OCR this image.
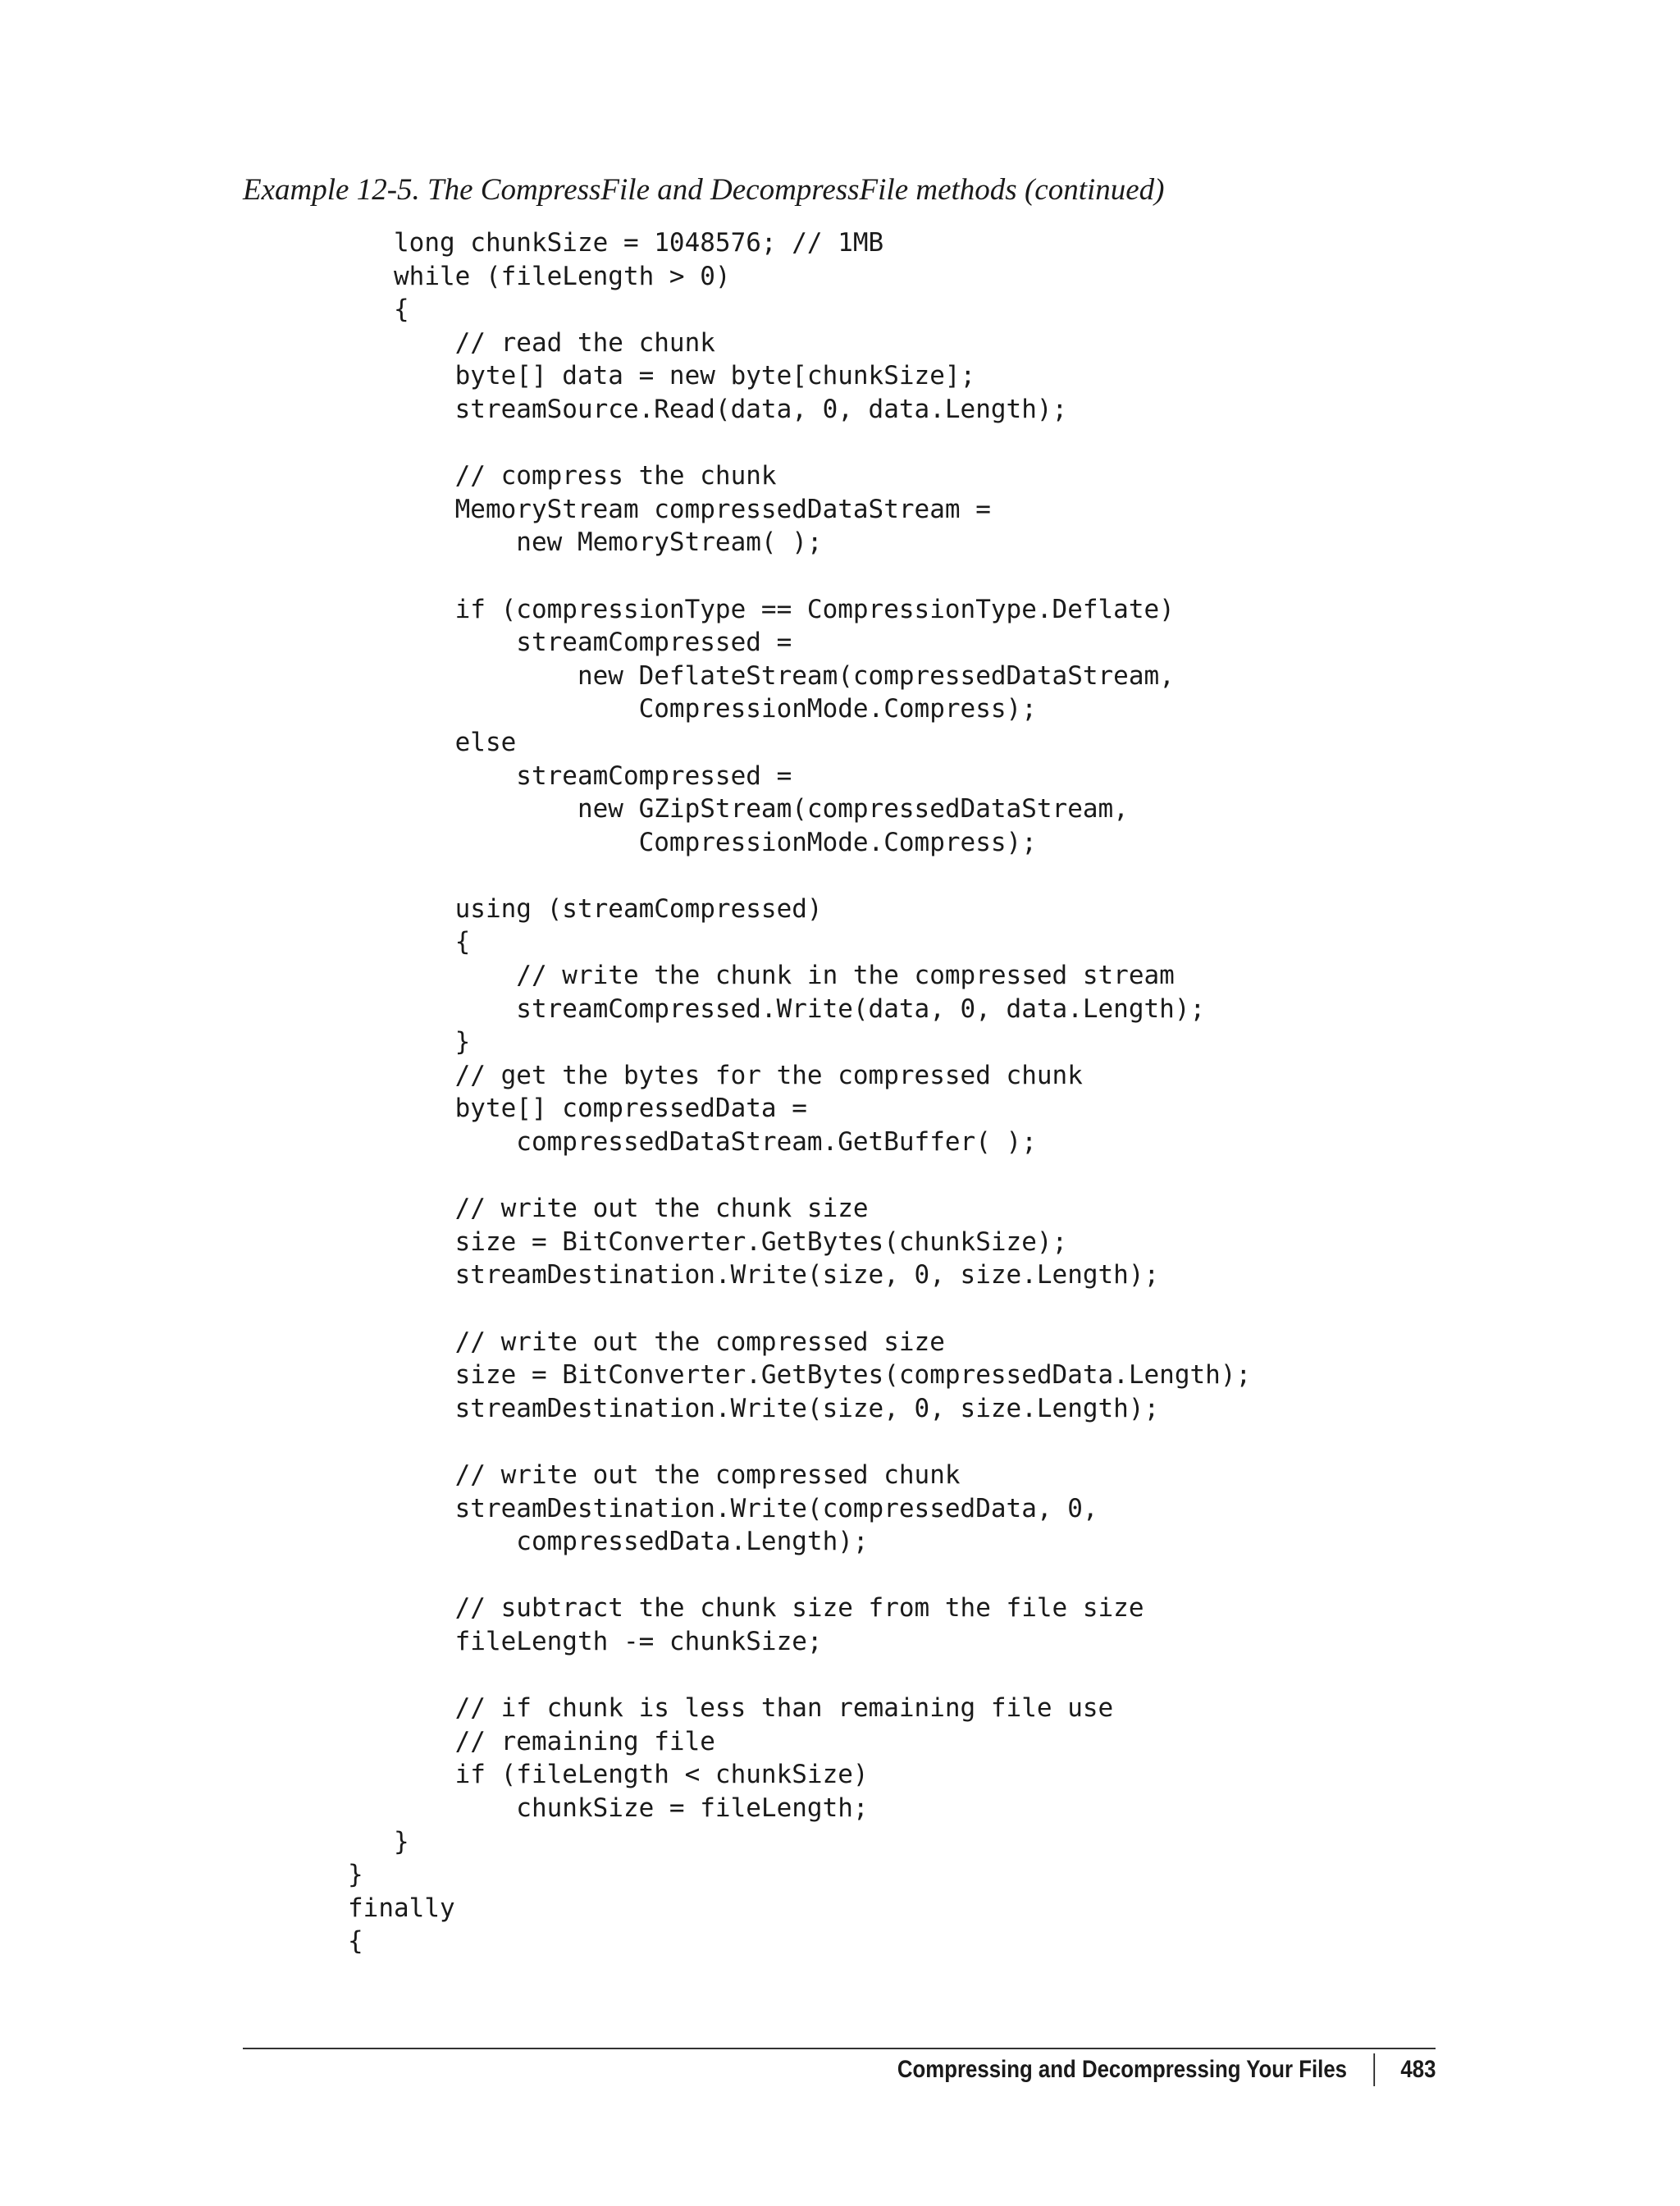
Example 12-5. The CompressFile and DecompressFile methods (continued)

long chunkSize = 1048576; // 1MB
while (fileLength > 0)
{
// read the chunk
byte[] data = new byte[chunkSize];
streamSource.Read(data, 0, data.Length);
// compress the chunk
MemoryStream compressedDataStream =
new MemoryStream( );
if (compressionType == CompressionType.Deflate)
streamCompressed =
new DeflateStream(compressedDataStream,
CompressionMode.Compress);
else
streamCompressed =
new GZipStream(compressedDataStream,
CompressionMode.Compress);
using (streamCompressed)
{
// write the chunk in the compressed stream
streamCompressed.Write(data, 0, data.Length);
}
// get the bytes for the compressed chunk
byte[] compressedData =
compressedDataStream.GetBuffer( );
// write out the chunk size
size = BitConverter.GetBytes(chunkSize);
streamDestination.Write(size, 0, size.Length);
// write out the compressed size
size = BitConverter.GetBytes(compressedData.Length);
streamDestination.Write(size, 0, size.Length);
// write out the compressed chunk
streamDestination.Write(compressedData, 0,
compressedData.Length);
// subtract the chunk size from the file size
fileLength -= chunkSize;
// if chunk is less than remaining file use
// remaining file
if (fileLength < chunkSize)
chunkSize = fileLength;
}
}
finally
{
Compressing and Decompressing Your Files 483
